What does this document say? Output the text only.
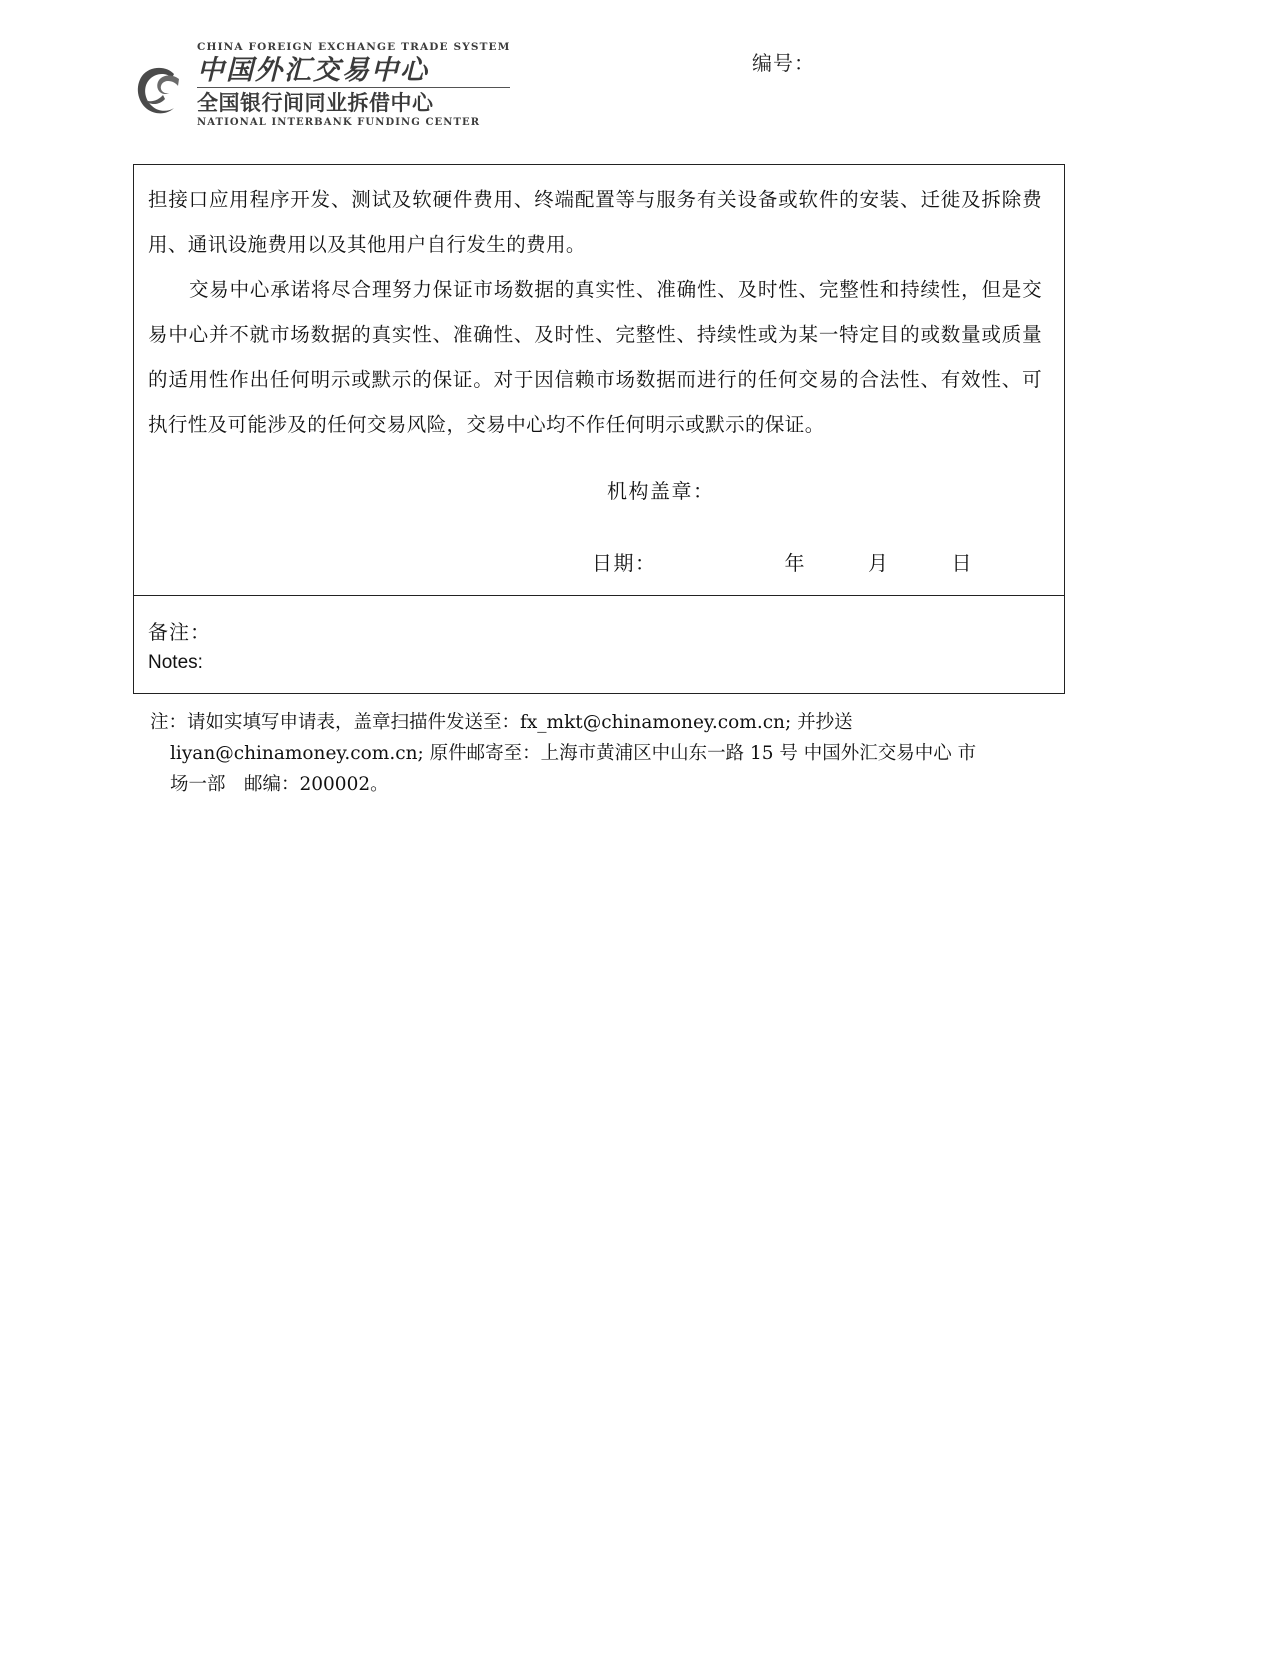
CHINA FOREIGN EXCHANGE TRADE SYSTEM
中国外汇交易中心
全国银行间同业拆借中心
NATIONAL INTERBANK FUNDING CENTER
编号：

担接口应用程序开发、测试及软硬件费用、终端配置等与服务有关设备或软件的安装、迁徙及拆除费用、通讯设施费用以及其他用户自行发生的费用。

交易中心承诺将尽合理努力保证市场数据的真实性、准确性、及时性、完整性和持续性，但是交易中心并不就市场数据的真实性、准确性、及时性、完整性、持续性或为某一特定目的或数量或质量的适用性作出任何明示或默示的保证。对于因信赖市场数据而进行的任何交易的合法性、有效性、可执行性及可能涉及的任何交易风险，交易中心均不作任何明示或默示的保证。

机构盖章：
日期：	年	月	日
备注：
Notes:
注：请如实填写申请表，盖章扫描件发送至：fx_mkt@chinamoney.com.cn; 并抄送
liyan@chinamoney.com.cn; 原件邮寄至：上海市黄浦区中山东一路 15 号 中国外汇交易中心 市
场一部　邮编：200002。
